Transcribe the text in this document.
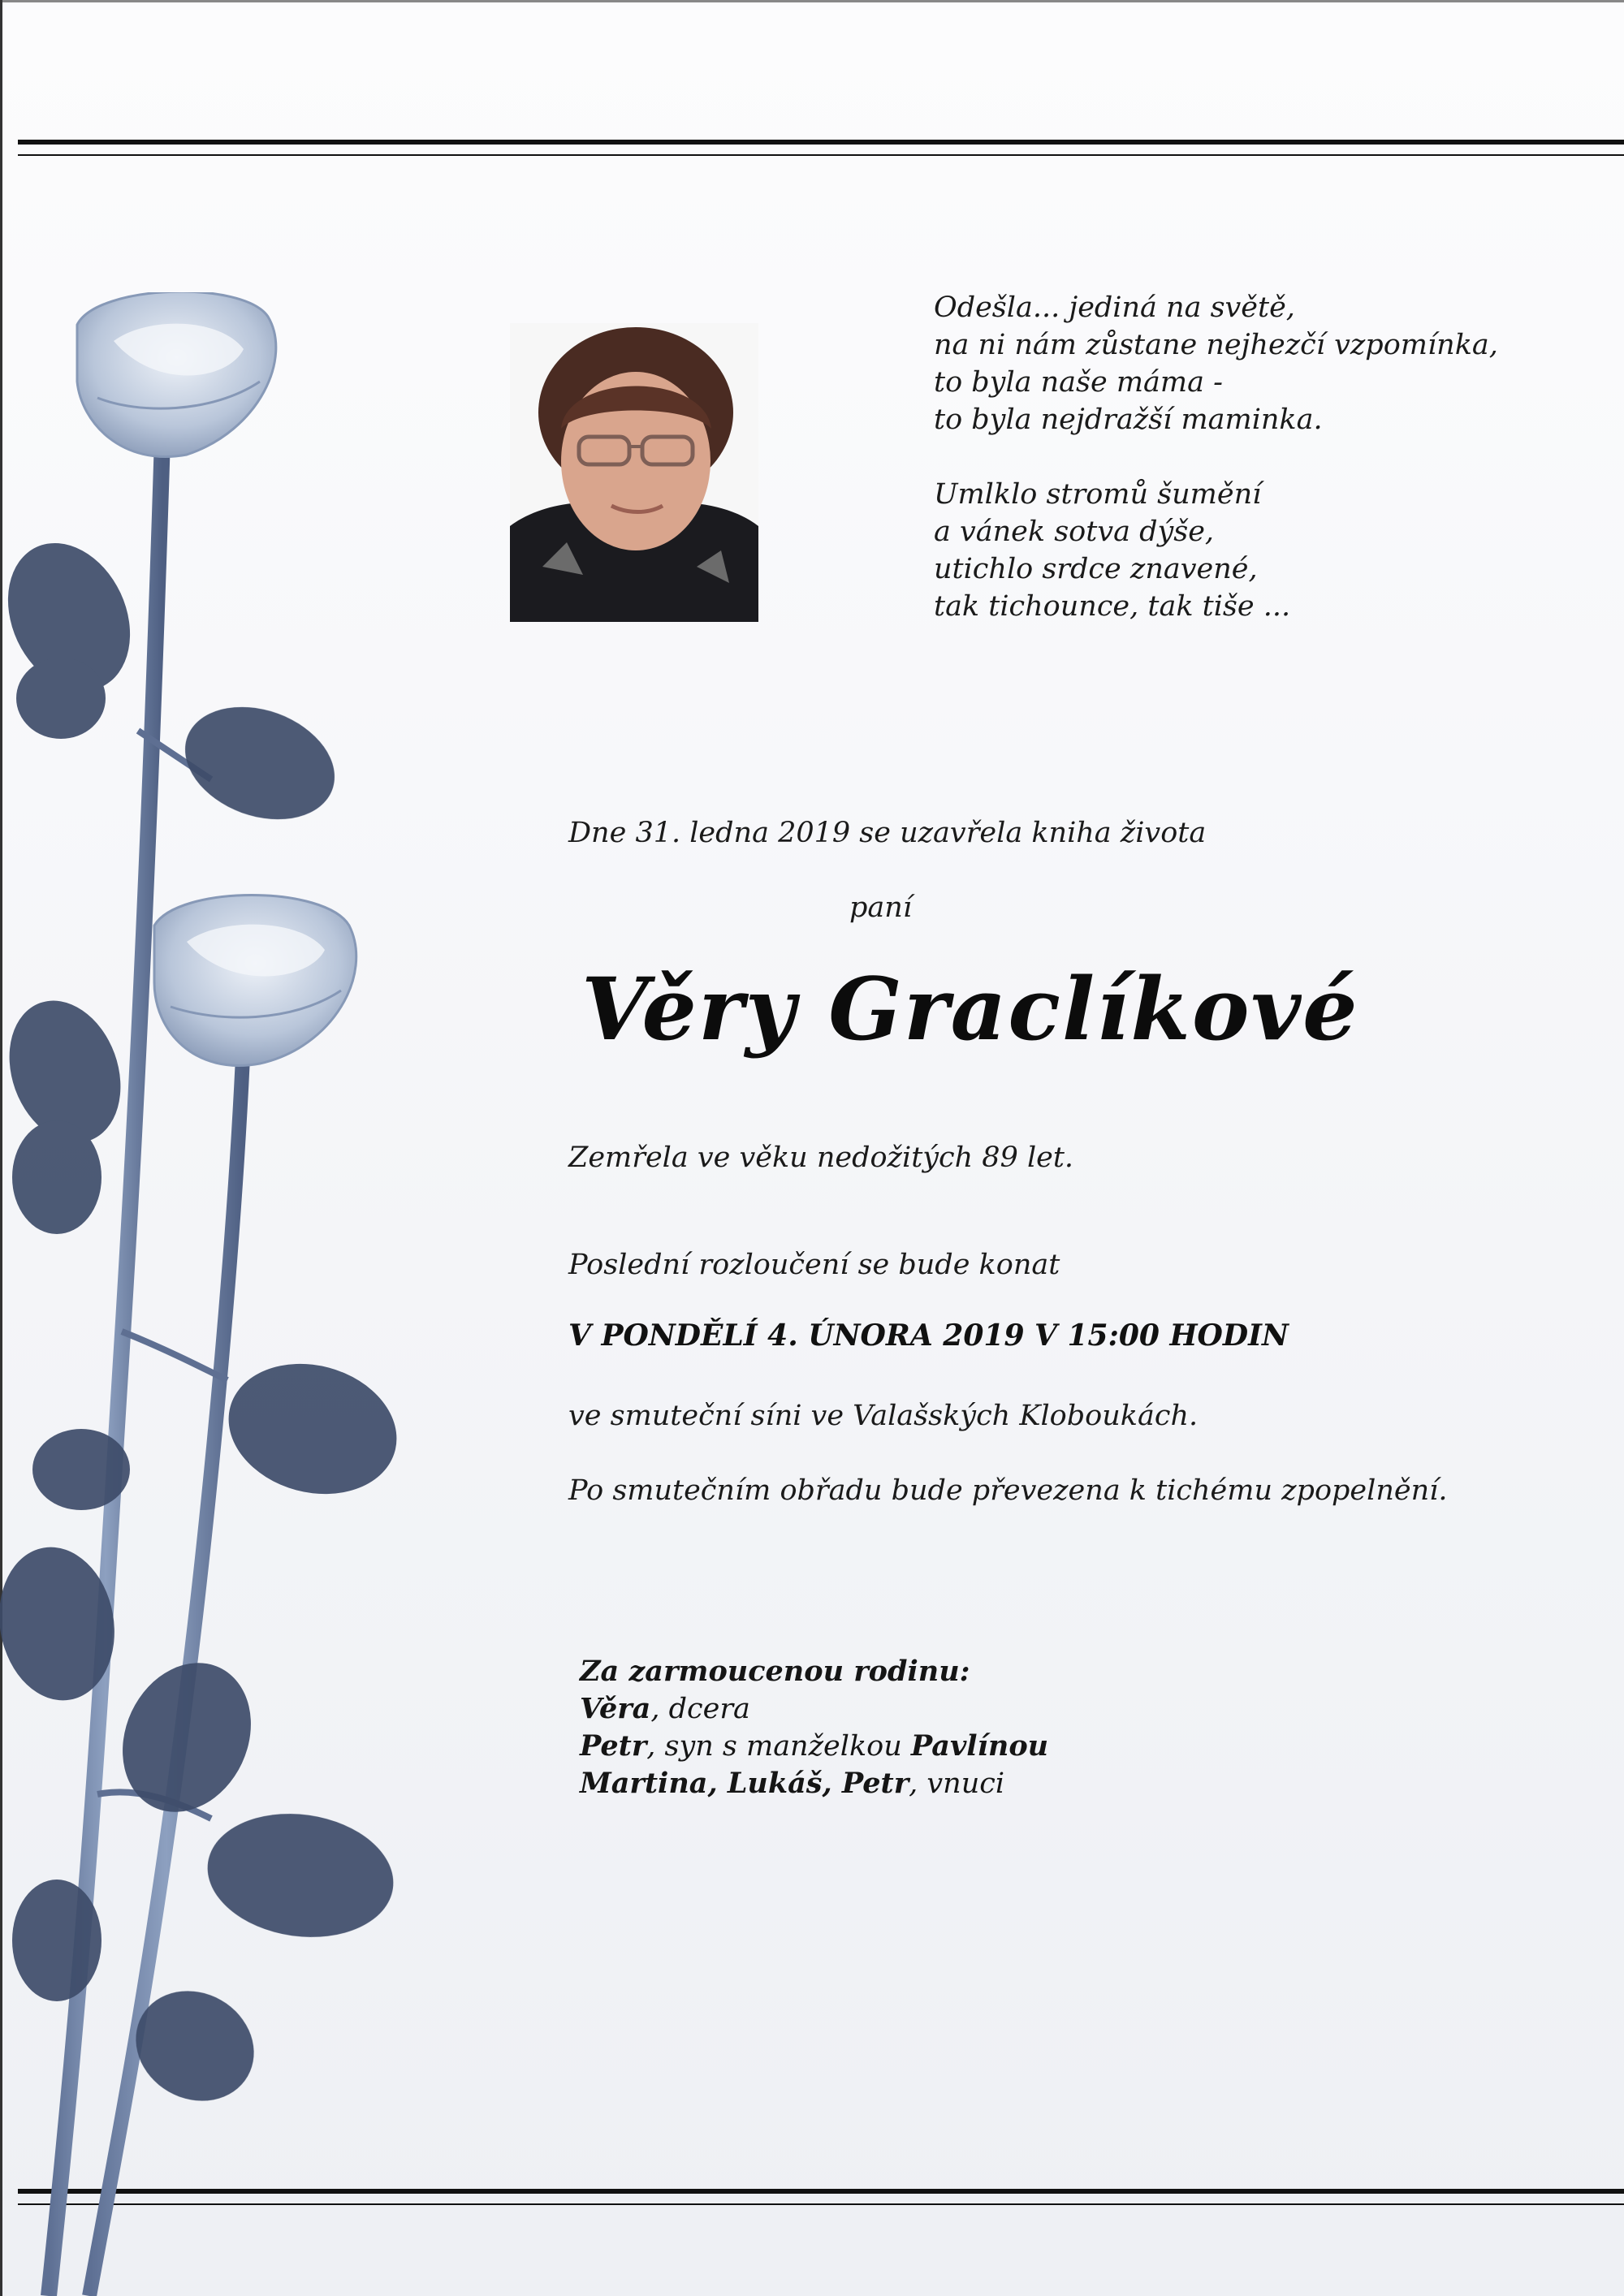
Odešla... jediná na světě,
na ni nám zůstane nejhezčí vzpomínka,
to byla naše máma -
to byla nejdražší maminka.
Umlklo stromů šumění
a vánek sotva dýše,
utichlo srdce znavené,
tak tichounce, tak tiše ...
Dne 31. ledna 2019 se uzavřela kniha života
paní
Věry Graclíkové
Zemřela ve věku nedožitých 89 let.
Poslední rozloučení se bude konat
V PONDĚLÍ 4. ÚNORA 2019 V 15:00 HODIN
ve smuteční síni ve Valašských Kloboukách.
Po smutečním obřadu bude převezena k tichému zpopelnění.
Za zarmoucenou rodinu:
Věra, dcera
Petr, syn s manželkou Pavlínou
Martina, Lukáš, Petr, vnuci
